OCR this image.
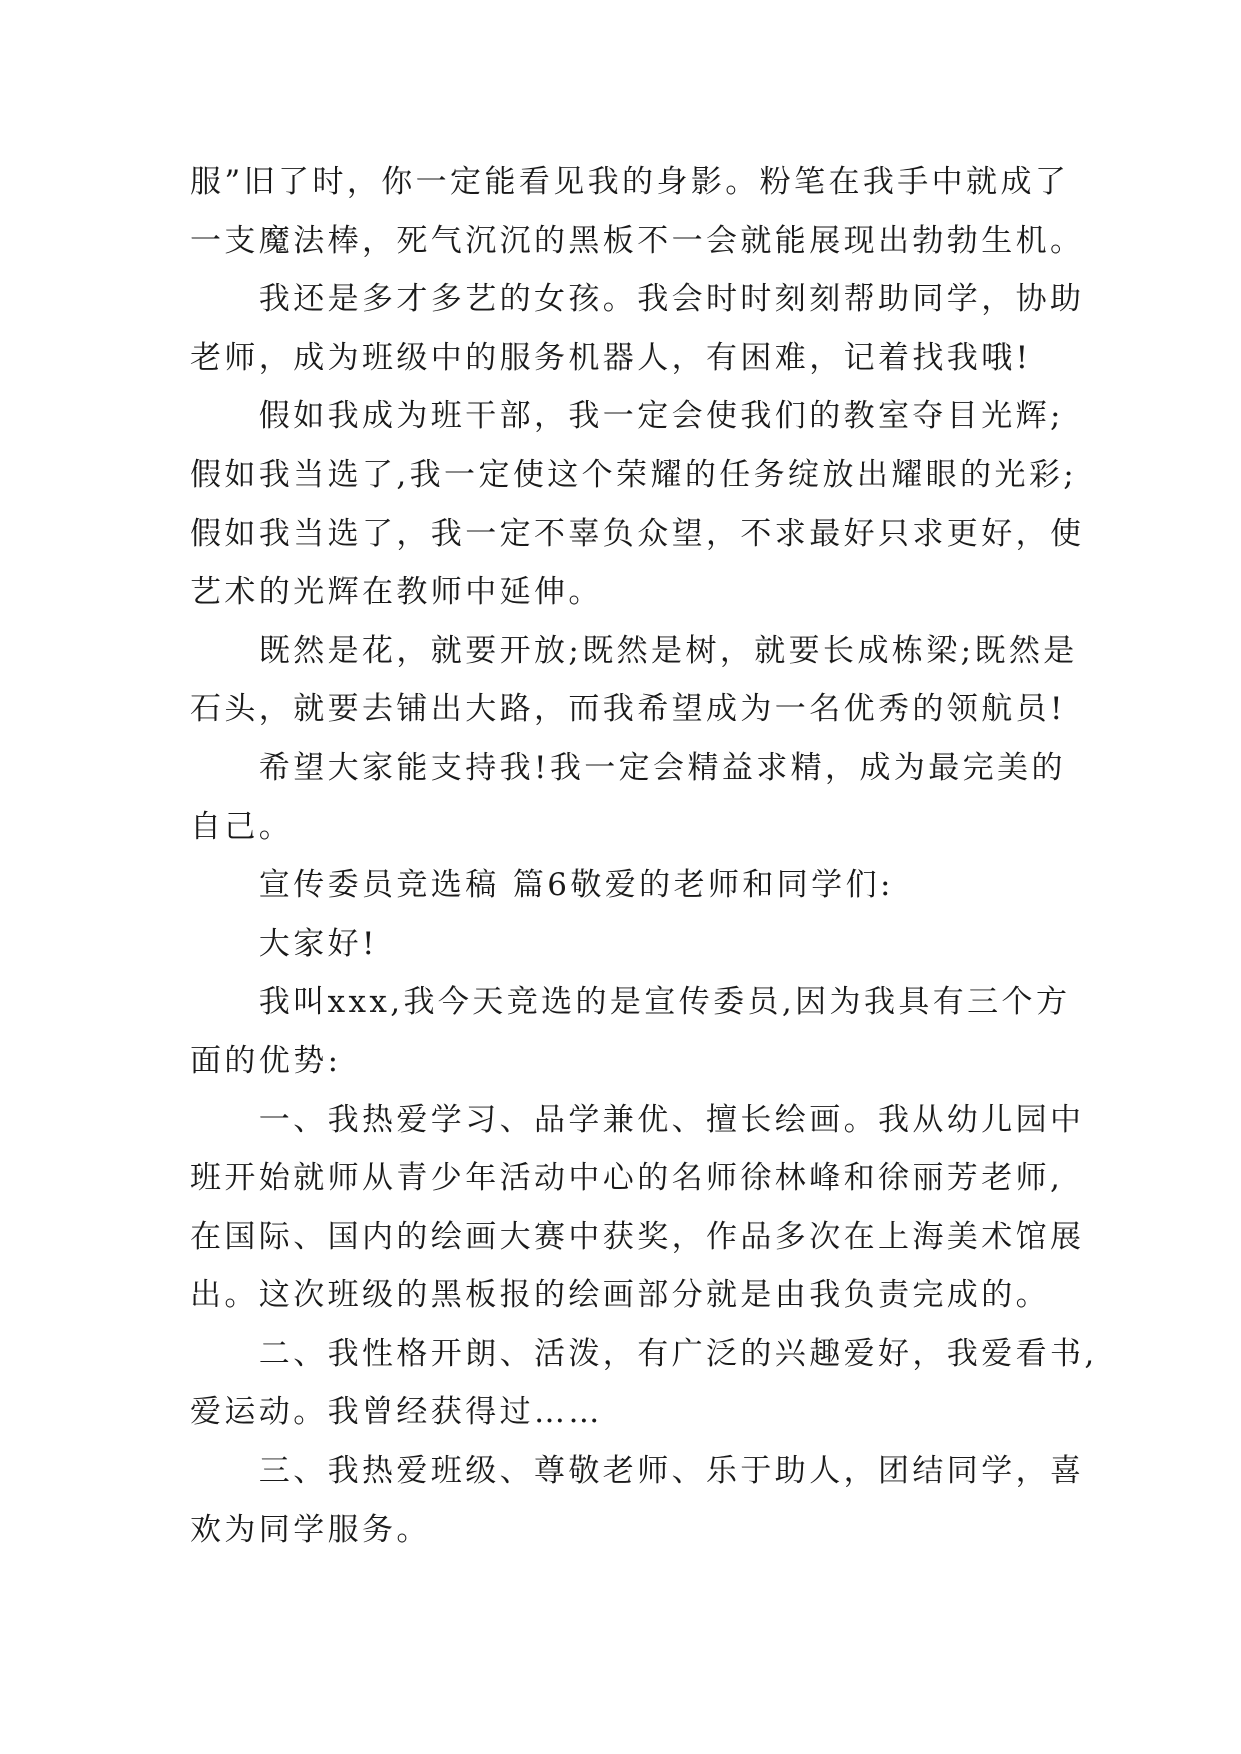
服”旧了时，你一定能看见我的身影。粉笔在我手中就成了
一支魔法棒，死气沉沉的黑板不一会就能展现出勃勃生机。
　　我还是多才多艺的女孩。我会时时刻刻帮助同学，协助
老师，成为班级中的服务机器人，有困难，记着找我哦!
　　假如我成为班干部，我一定会使我们的教室夺目光辉;
假如我当选了,我一定使这个荣耀的任务绽放出耀眼的光彩;
假如我当选了，我一定不辜负众望，不求最好只求更好，使
艺术的光辉在教师中延伸。
　　既然是花，就要开放;既然是树，就要长成栋梁;既然是
石头，就要去铺出大路，而我希望成为一名优秀的领航员!
　　希望大家能支持我!我一定会精益求精，成为最完美的
自己。
　　宣传委员竞选稿 篇6敬爱的老师和同学们:
　　大家好!
　　我叫xxx,我今天竞选的是宣传委员,因为我具有三个方
面的优势:
　　一、我热爱学习、品学兼优、擅长绘画。我从幼儿园中
班开始就师从青少年活动中心的名师徐林峰和徐丽芳老师,
在国际、国内的绘画大赛中获奖，作品多次在上海美术馆展
出。这次班级的黑板报的绘画部分就是由我负责完成的。
　　二、我性格开朗、活泼，有广泛的兴趣爱好，我爱看书,
爱运动。我曾经获得过……
　　三、我热爱班级、尊敬老师、乐于助人，团结同学，喜
欢为同学服务。
